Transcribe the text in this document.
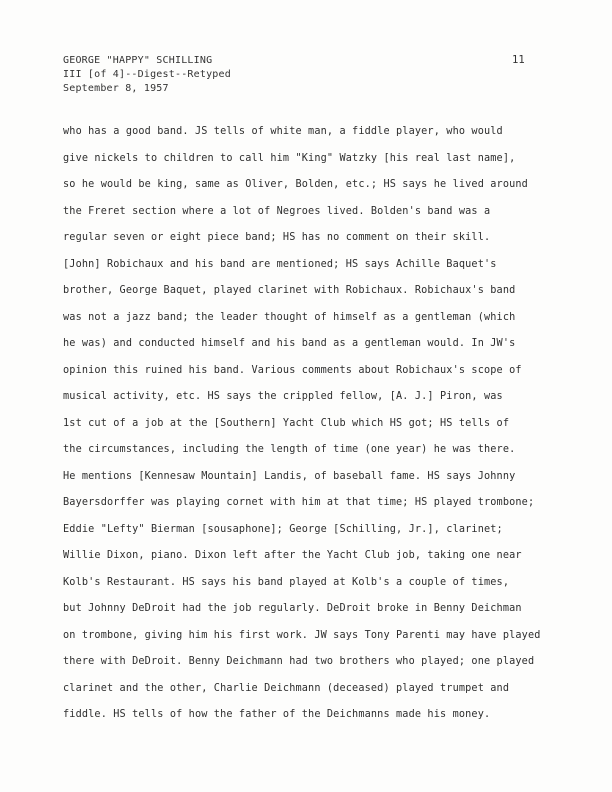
GEORGE "HAPPY" SCHILLING
III [of 4]--Digest--Retyped
September 8, 1957
11
who has a good band. JS tells of white man, a fiddle player, who would
give nickels to children to call him "King" Watzky [his real last name],
so he would be king, same as Oliver, Bolden, etc.; HS says he lived around
the Freret section where a lot of Negroes lived. Bolden's band was a
regular seven or eight piece band; HS has no comment on their skill.
[John] Robichaux and his band are mentioned; HS says Achille Baquet's
brother, George Baquet, played clarinet with Robichaux. Robichaux's band
was not a jazz band; the leader thought of himself as a gentleman (which
he was) and conducted himself and his band as a gentleman would. In JW's
opinion this ruined his band. Various comments about Robichaux's scope of
musical activity, etc. HS says the crippled fellow, [A. J.] Piron, was
1st cut of a job at the [Southern] Yacht Club which HS got; HS tells of
the circumstances, including the length of time (one year) he was there.
He mentions [Kennesaw Mountain] Landis, of baseball fame. HS says Johnny
Bayersdorffer was playing cornet with him at that time; HS played trombone;
Eddie "Lefty" Bierman [sousaphone]; George [Schilling, Jr.], clarinet;
Willie Dixon, piano. Dixon left after the Yacht Club job, taking one near
Kolb's Restaurant. HS says his band played at Kolb's a couple of times,
but Johnny DeDroit had the job regularly. DeDroit broke in Benny Deichman
on trombone, giving him his first work. JW says Tony Parenti may have played
there with DeDroit. Benny Deichmann had two brothers who played; one played
clarinet and the other, Charlie Deichmann (deceased) played trumpet and
fiddle. HS tells of how the father of the Deichmanns made his money.
